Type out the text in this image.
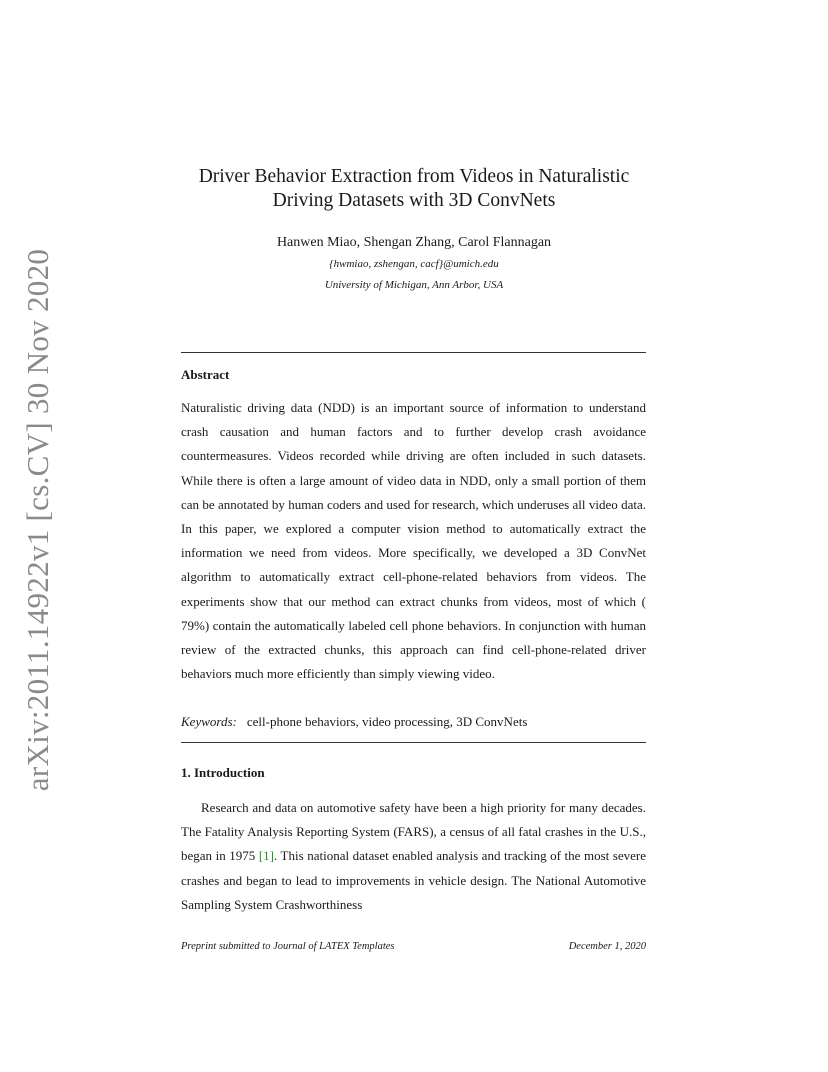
arXiv:2011.14922v1 [cs.CV] 30 Nov 2020
Driver Behavior Extraction from Videos in Naturalistic
Driving Datasets with 3D ConvNets
Hanwen Miao, Shengan Zhang, Carol Flannagan
{hwmiao, zshengan, cacf}@umich.edu
University of Michigan, Ann Arbor, USA
Abstract

Naturalistic driving data (NDD) is an important source of information to understand crash causation and human factors and to further develop crash avoidance countermeasures. Videos recorded while driving are often included in such datasets. While there is often a large amount of video data in NDD, only a small portion of them can be annotated by human coders and used for research, which underuses all video data. In this paper, we explored a computer vision method to automatically extract the information we need from videos. More specifically, we developed a 3D ConvNet algorithm to automatically extract cell-phone-related behaviors from videos. The experiments show that our method can extract chunks from videos, most of which ( 79%) contain the automatically labeled cell phone behaviors. In conjunction with human review of the extracted chunks, this approach can find cell-phone-related driver behaviors much more efficiently than simply viewing video.

Keywords: cell-phone behaviors, video processing, 3D ConvNets
1. Introduction

Research and data on automotive safety have been a high priority for many decades. The Fatality Analysis Reporting System (FARS), a census of all fatal crashes in the U.S., began in 1975 [1]. This national dataset enabled analysis and tracking of the most severe crashes and began to lead to improvements in vehicle design. The National Automotive Sampling System Crashworthiness

Preprint submitted to Journal of LATEX Templates	December 1, 2020
